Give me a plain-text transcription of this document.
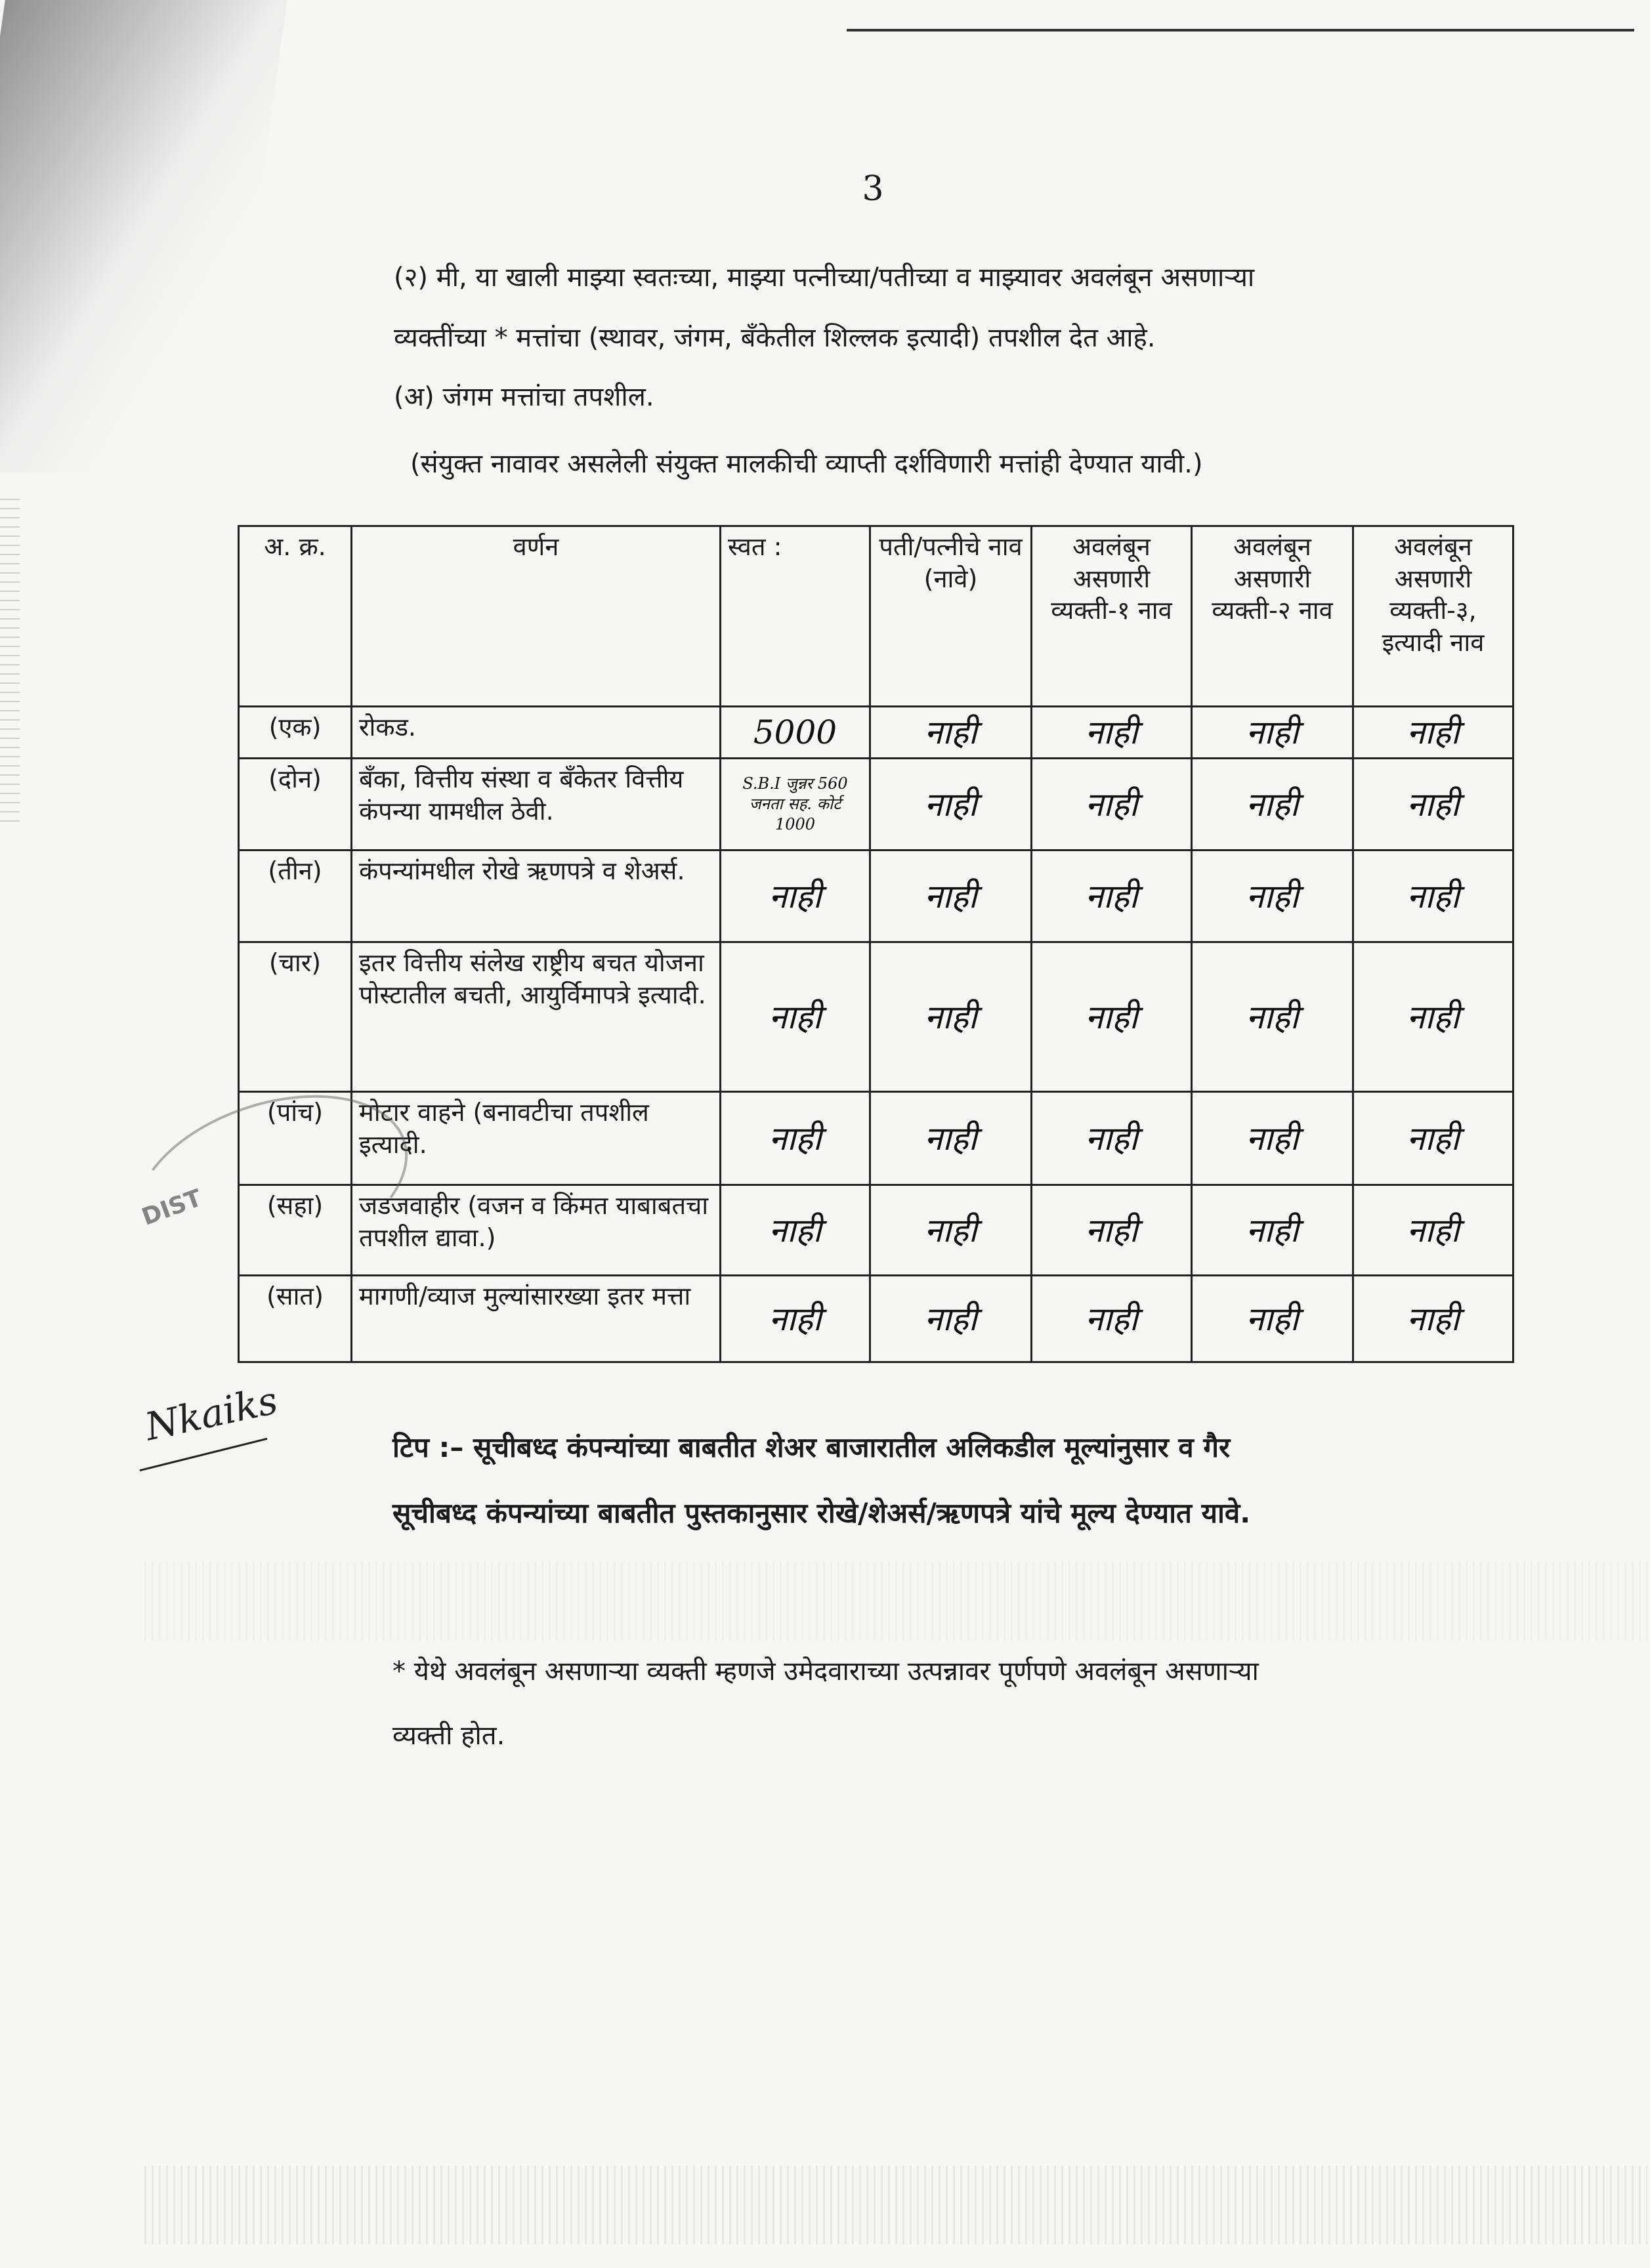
3
(२) मी, या खाली माझ्या स्वतःच्या, माझ्या पत्नीच्या/पतीच्या व माझ्यावर अवलंबून असणाऱ्या
व्यक्तींच्या * मत्तांचा (स्थावर, जंगम, बँकेतील शिल्लक इत्यादी) तपशील देत आहे.
(अ) जंगम मत्तांचा तपशील.
(संयुक्त नावावर असलेली संयुक्त मालकीची व्याप्ती दर्शविणारी मत्तांही देण्यात यावी.)
अ. क्र.	वर्णन	स्वत :	पती/पत्नीचे नाव (नावे)	अवलंबून असणारी व्यक्ती-१ नाव	अवलंबून असणारी व्यक्ती-२ नाव	अवलंबून असणारी व्यक्ती-३, इत्यादी नाव
(एक)	रोकड.	5000	नाही	नाही	नाही	नाही
(दोन)	बँका, वित्तीय संस्था व बँकेतर वित्तीय कंपन्या यामधील ठेवी.	S.B.I जुन्नर 560 जनता सह. कोर्ट 1000	नाही	नाही	नाही	नाही
(तीन)	कंपन्यांमधील रोखे ऋणपत्रे व शेअर्स.	नाही	नाही	नाही	नाही	नाही
(चार)	इतर वित्तीय संलेख राष्ट्रीय बचत योजना पोस्टातील बचती, आयुर्विमापत्रे इत्यादी.	नाही	नाही	नाही	नाही	नाही
(पांच)	मोटार वाहने (बनावटीचा तपशील इत्यादी.	नाही	नाही	नाही	नाही	नाही
(सहा)	जडजवाहीर (वजन व किंमत याबाबतचा तपशील द्यावा.)	नाही	नाही	नाही	नाही	नाही
(सात)	मागणी/व्याज मुल्यांसारख्या इतर मत्ता	नाही	नाही	नाही	नाही	नाही
DIST
Nkaiks	टिप :– सूचीबध्द कंपन्यांच्या बाबतीत शेअर बाजारातील अलिकडील मूल्यांनुसार व गैर
सूचीबध्द कंपन्यांच्या बाबतीत पुस्तकानुसार रोखे/शेअर्स/ऋणपत्रे यांचे मूल्य देण्यात यावे.
* येथे अवलंबून असणाऱ्या व्यक्ती म्हणजे उमेदवाराच्या उत्पन्नावर पूर्णपणे अवलंबून असणाऱ्या
व्यक्ती होत.
